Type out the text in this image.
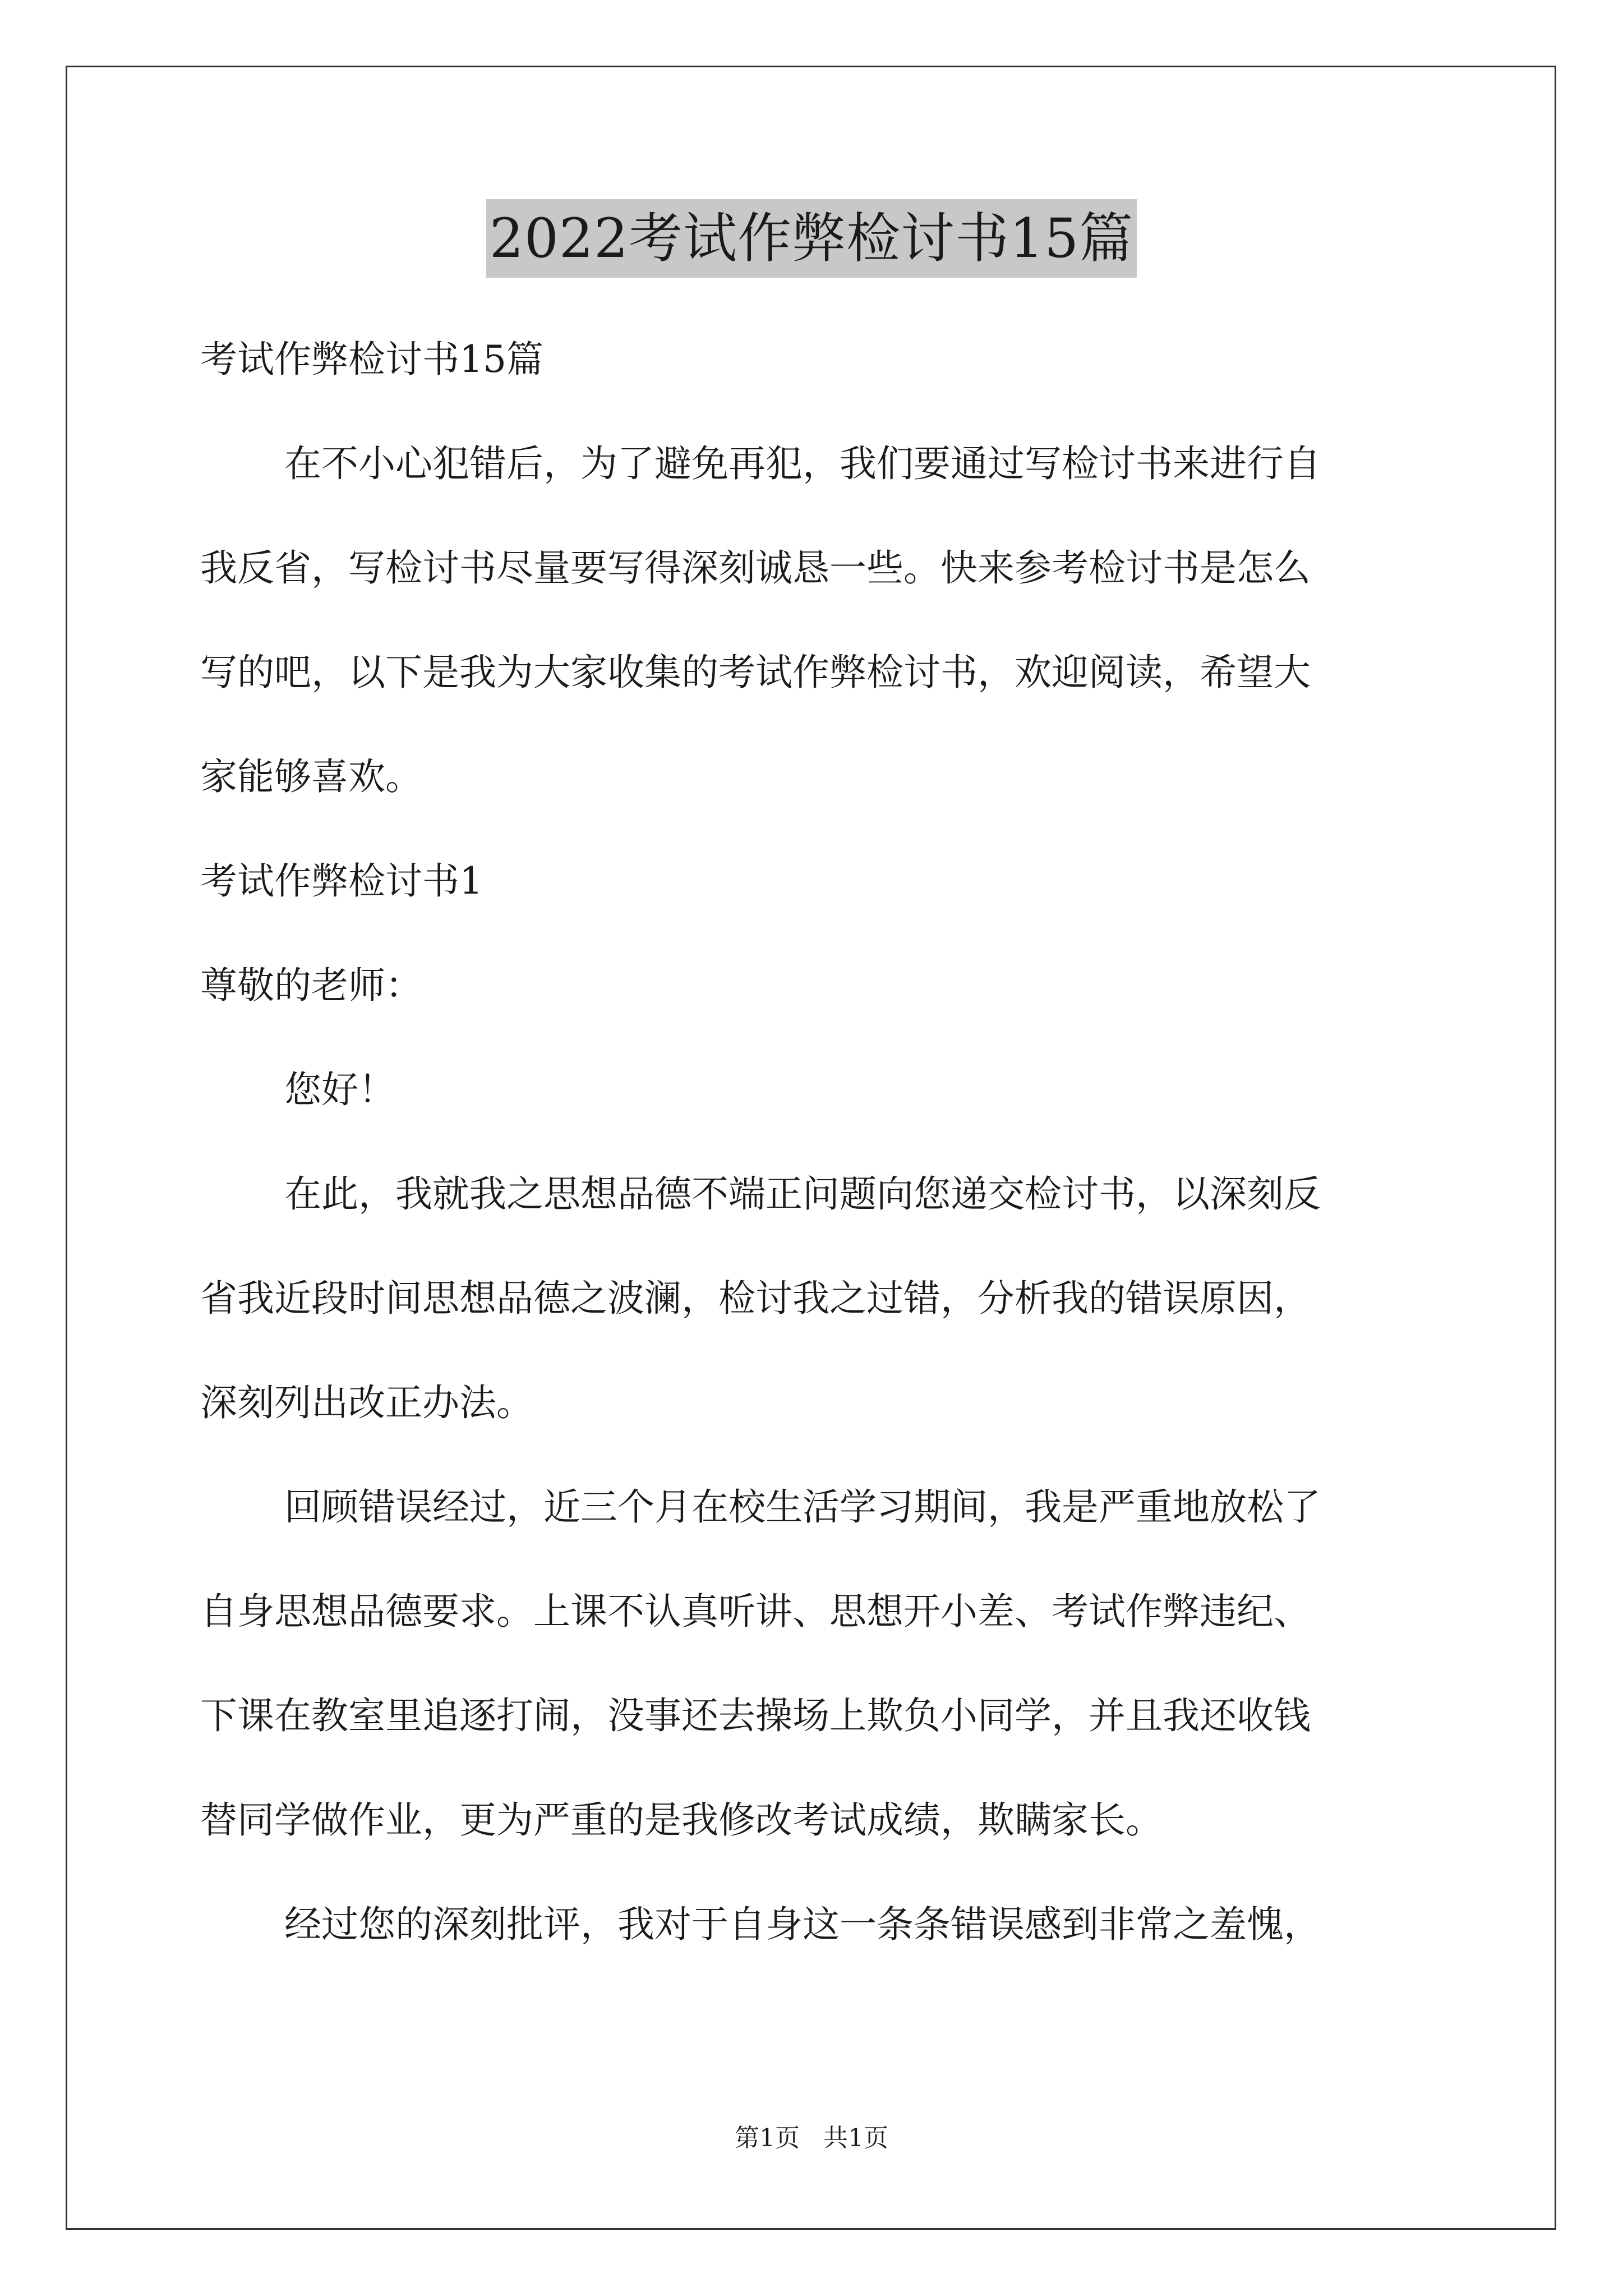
2022考试作弊检讨书15篇
考试作弊检讨书15篇
在不小心犯错后，为了避免再犯，我们要通过写检讨书来进行自
我反省，写检讨书尽量要写得深刻诚恳一些。快来参考检讨书是怎么
写的吧，以下是我为大家收集的考试作弊检讨书，欢迎阅读，希望大
家能够喜欢。
考试作弊检讨书1
尊敬的老师：
您好！
在此，我就我之思想品德不端正问题向您递交检讨书，以深刻反
省我近段时间思想品德之波澜，检讨我之过错，分析我的错误原因，
深刻列出改正办法。
回顾错误经过，近三个月在校生活学习期间，我是严重地放松了
自身思想品德要求。上课不认真听讲、思想开小差、考试作弊违纪、
下课在教室里追逐打闹，没事还去操场上欺负小同学，并且我还收钱
替同学做作业，更为严重的是我修改考试成绩，欺瞒家长。
经过您的深刻批评，我对于自身这一条条错误感到非常之羞愧，
第1页 共1页
